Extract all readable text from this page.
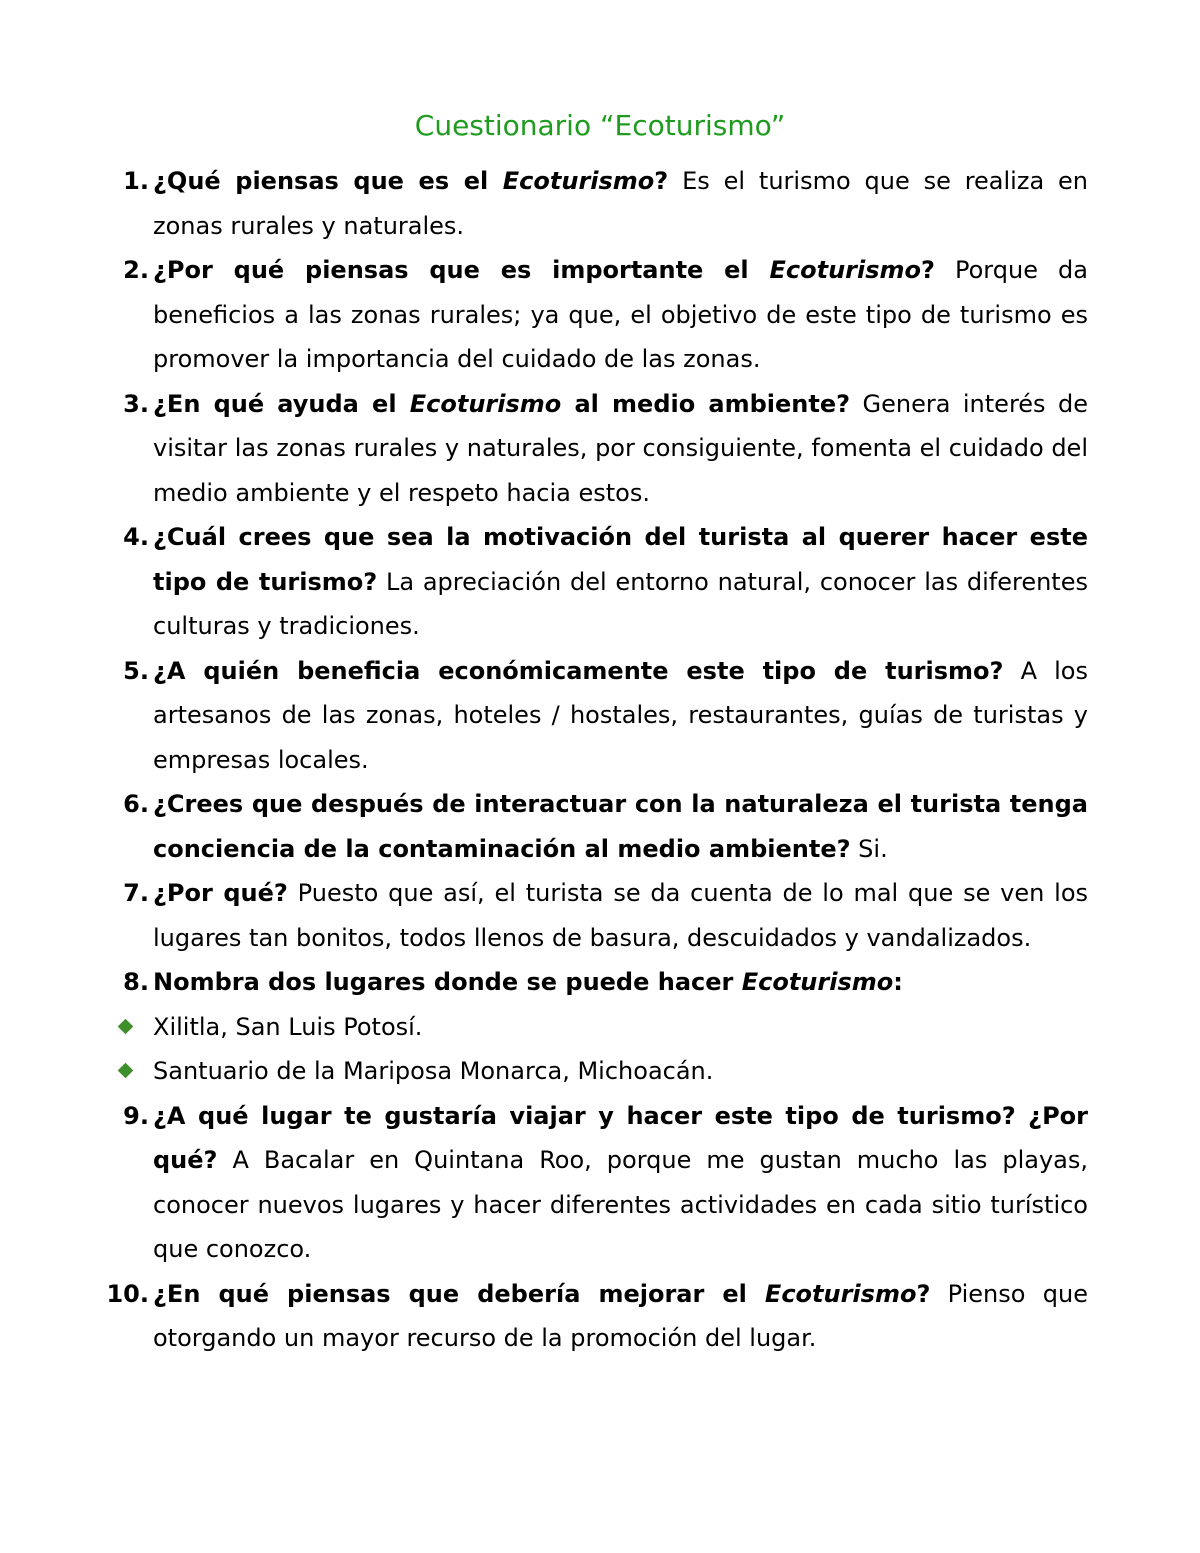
Cuestionario “Ecoturismo”
1. ¿Qué piensas que es el Ecoturismo? Es el turismo que se realiza en zonas rurales y naturales.
2. ¿Por qué piensas que es importante el Ecoturismo? Porque da beneficios a las zonas rurales; ya que, el objetivo de este tipo de turismo es promover la importancia del cuidado de las zonas.
3. ¿En qué ayuda el Ecoturismo al medio ambiente? Genera interés de visitar las zonas rurales y naturales, por consiguiente, fomenta el cuidado del medio ambiente y el respeto hacia estos.
4. ¿Cuál crees que sea la motivación del turista al querer hacer este tipo de turismo? La apreciación del entorno natural, conocer las diferentes culturas y tradiciones.
5. ¿A quién beneficia económicamente este tipo de turismo? A los artesanos de las zonas, hoteles / hostales, restaurantes, guías de turistas y empresas locales.
6. ¿Crees que después de interactuar con la naturaleza el turista tenga conciencia de la contaminación al medio ambiente? Si.
7. ¿Por qué? Puesto que así, el turista se da cuenta de lo mal que se ven los lugares tan bonitos, todos llenos de basura, descuidados y vandalizados.
8. Nombra dos lugares donde se puede hacer Ecoturismo:
Xilitla, San Luis Potosí.
Santuario de la Mariposa Monarca, Michoacán.
9. ¿A qué lugar te gustaría viajar y hacer este tipo de turismo? ¿Por qué? A Bacalar en Quintana Roo, porque me gustan mucho las playas, conocer nuevos lugares y hacer diferentes actividades en cada sitio turístico que conozco.
10. ¿En qué piensas que debería mejorar el Ecoturismo? Pienso que otorgando un mayor recurso de la promoción del lugar.
